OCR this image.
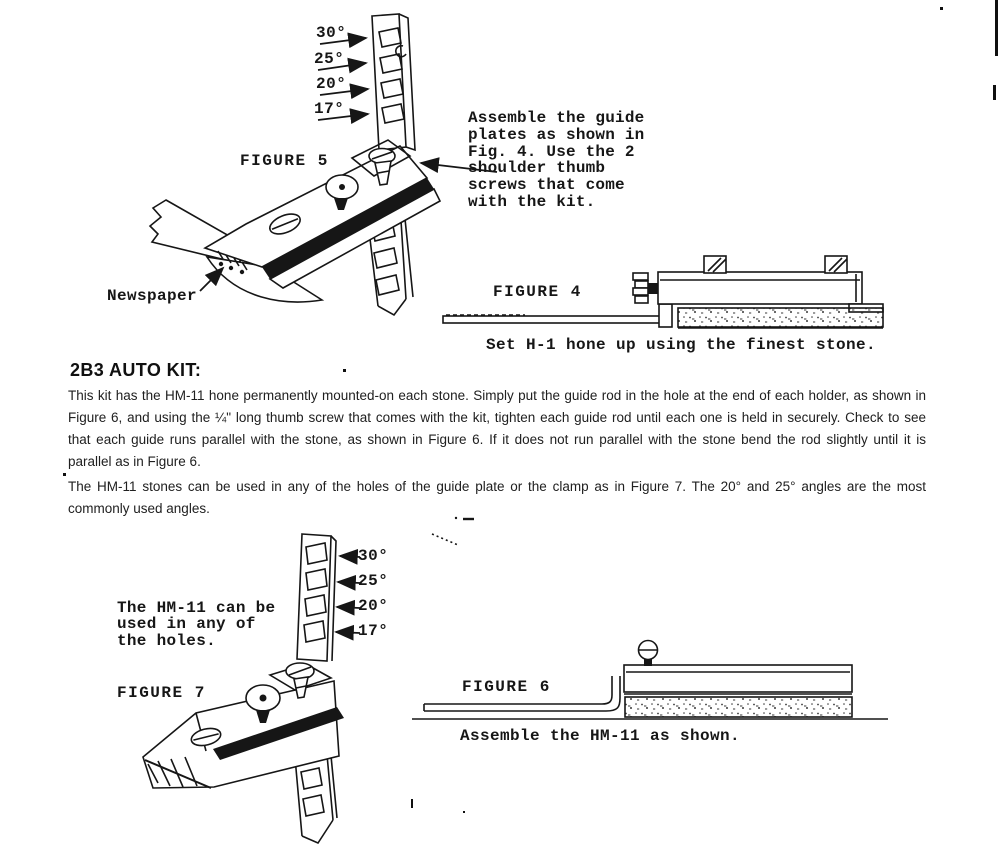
30°
25°
20°
17°
FIGURE 5
Newspaper
Assemble the guide
plates as shown in
Fig. 4. Use the 2
shoulder thumb
screws that come
with the kit.
FIGURE 4
Set H-1 hone up using the finest stone.
2B3 AUTO KIT:
This kit has the HM-11 hone permanently mounted-on each stone. Simply put the guide rod in the hole at the end of each holder, as shown in
Figure 6, and using the ¼" long thumb screw that comes with the kit, tighten each guide rod until each one is held in securely. Check to see
that each guide runs parallel with the stone, as shown in Figure 6. If it does not run parallel with the stone bend the rod slightly until it is
parallel as in Figure 6.
The HM-11 stones can be used in any of the holes of the guide plate or the clamp as in Figure 7. The 20° and 25° angles are the most
commonly used angles.
30°
25°
20°
17°
The HM-11 can be
used in any of
the holes.
FIGURE 7	FIGURE 6
Assemble the HM-11 as shown.
